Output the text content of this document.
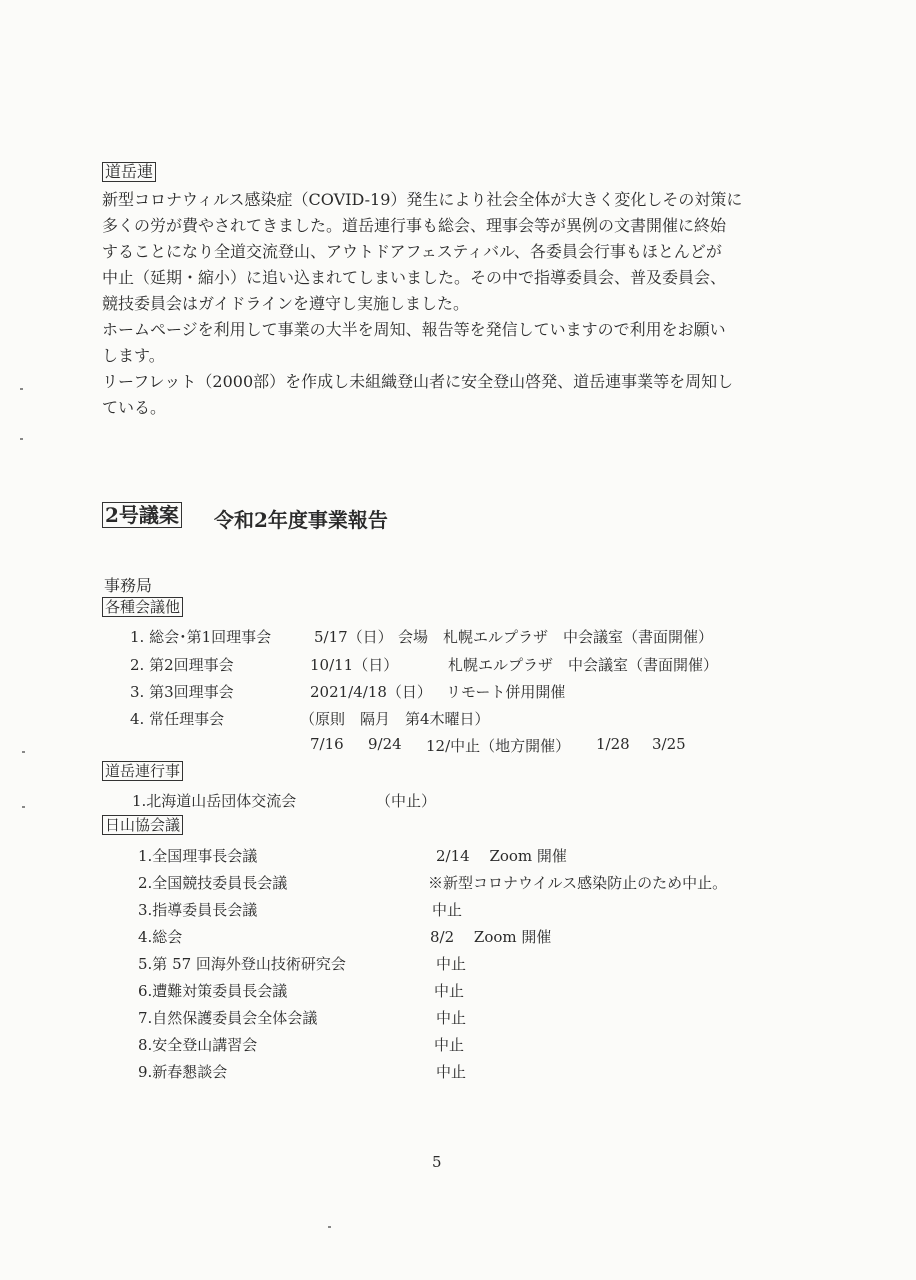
道岳連
新型コロナウィルス感染症（COVID-19）発生により社会全体が大きく変化しその対策に
多くの労が費やされてきました。道岳連行事も総会、理事会等が異例の文書開催に終始
することになり全道交流登山、アウトドアフェスティバル、各委員会行事もほとんどが
中止（延期・縮小）に追い込まれてしまいました。その中で指導委員会、普及委員会、
競技委員会はガイドラインを遵守し実施しました。
ホームページを利用して事業の大半を周知、報告等を発信していますので利用をお願い
します。
リーフレット（2000部）を作成し未組織登山者に安全登山啓発、道岳連事業等を周知し
ている。
2号議案 令和2年度事業報告
事務局
各種会議他
1. 総会･第1回理事会	5/17（日） 会場　札幌エルプラザ　中会議室（書面開催）
2. 第2回理事会	10/11（日）	札幌エルプラザ　中会議室（書面開催）
3. 第3回理事会	2021/4/18（日） リモート併用開催
4. 常任理事会	（原則　隔月　第4木曜日）
7/16 9/24 12/中止（地方開催） 1/28 3/25
道岳連行事
1.北海道山岳団体交流会	（中止）
日山協会議
1.全国理事長会議	2/14　 Zoom 開催
2.全国競技委員長会議	※新型コロナウイルス感染防止のため中止。
3.指導委員長会議	中止
4.総会	8/2　 Zoom 開催
5.第 57 回海外登山技術研究会	中止
6.遭難対策委員長会議	中止
7.自然保護委員会全体会議	中止
8.安全登山講習会	中止
9.新春懇談会	中止
5
